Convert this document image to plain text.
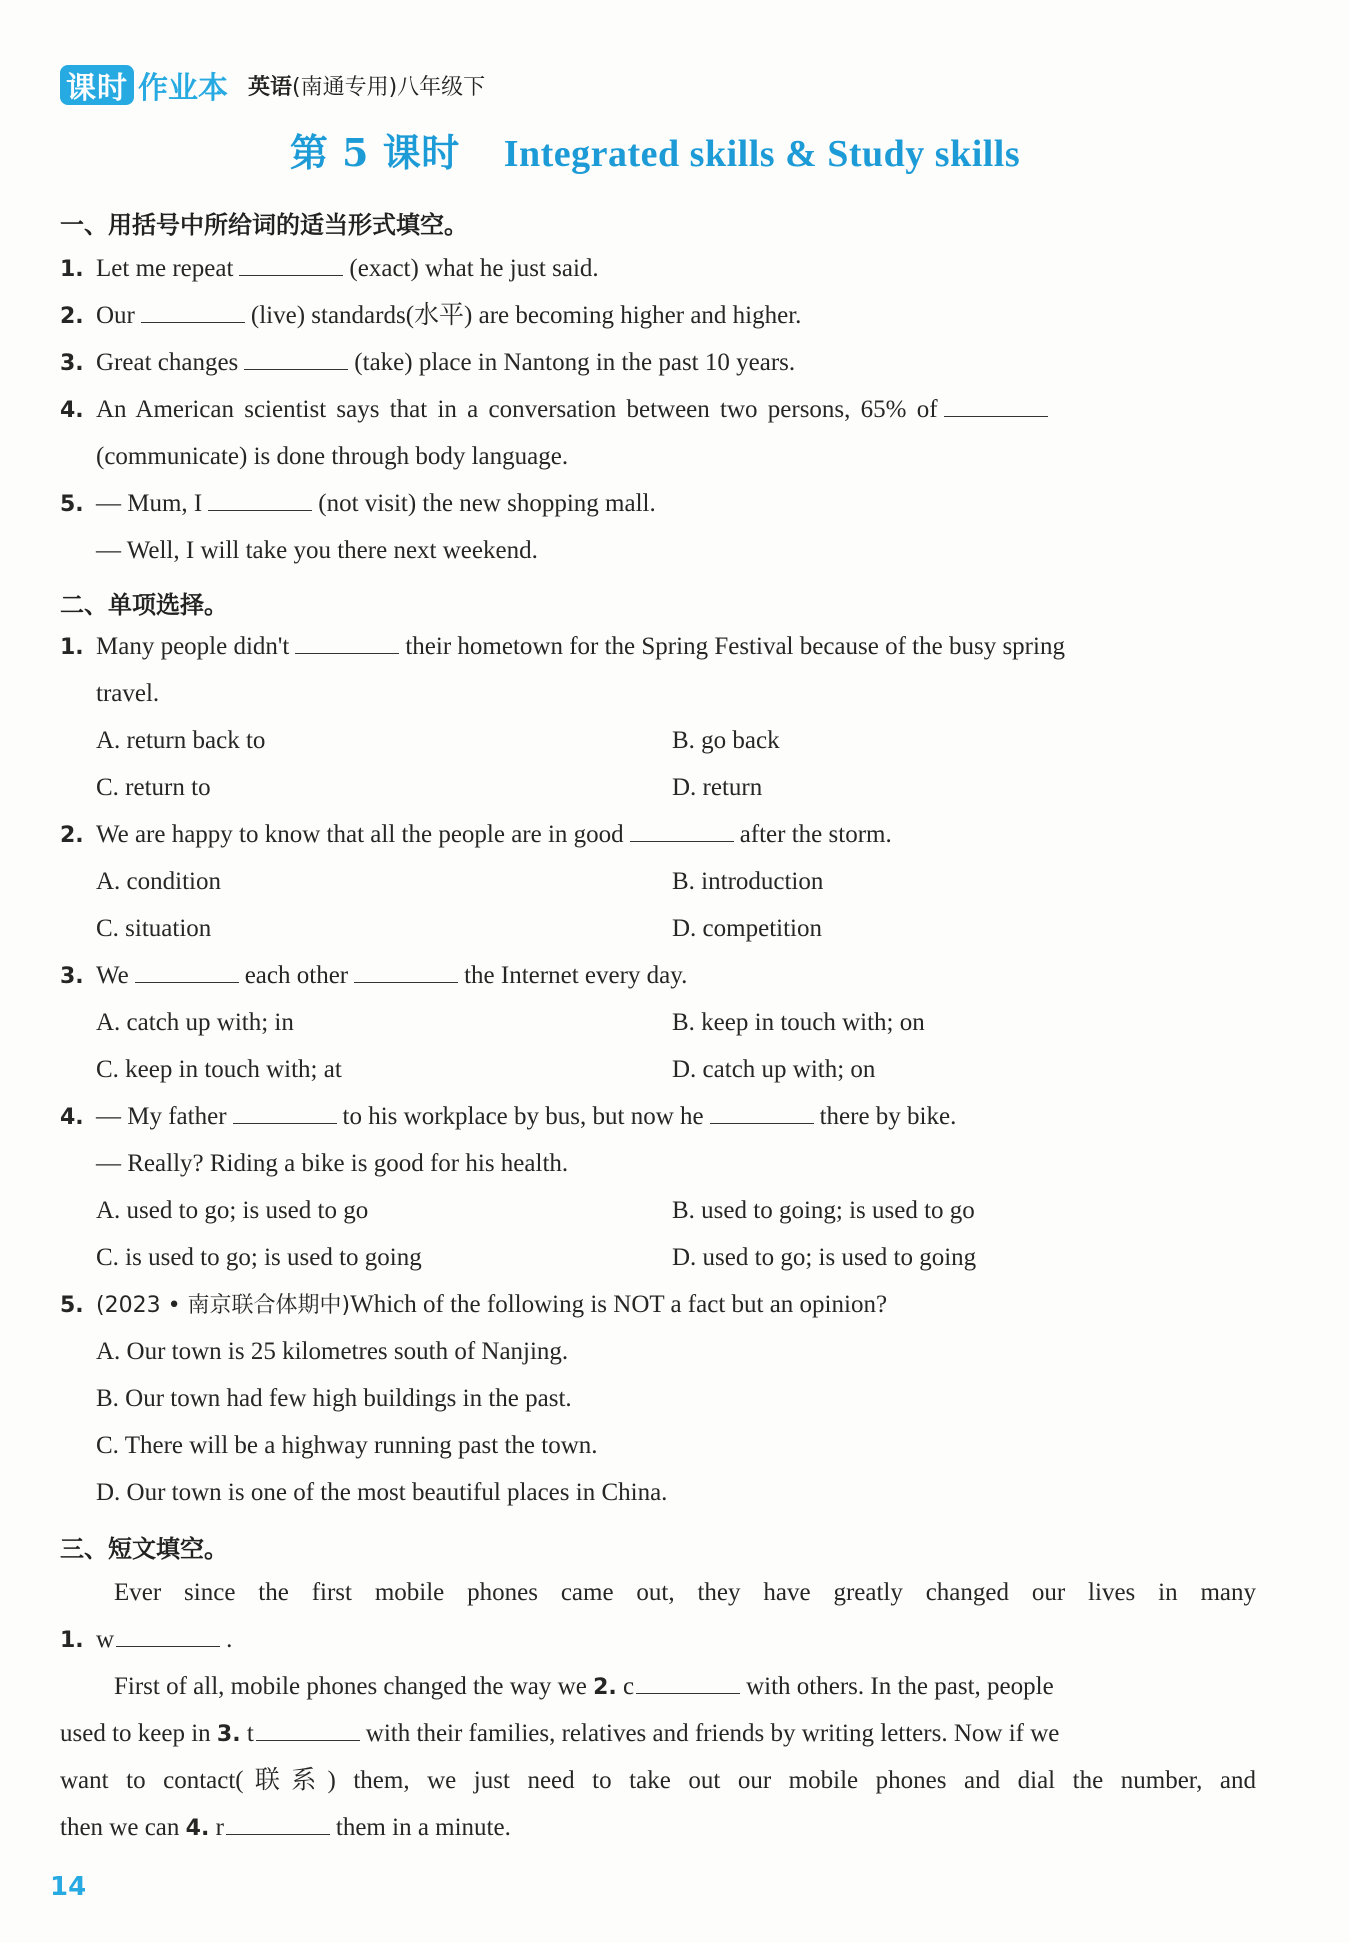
课时 作业本 英语(南通专用)八年级下
第 5 课时 Integrated skills & Study skills
一、用括号中所给词的适当形式填空。
1. Let me repeat	(exact) what he just said.
2. Our	(live) standards(水平) are becoming higher and higher.
3. Great changes	(take) place in Nantong in the past 10 years.
4. An American scientist says that in a conversation between two persons, 65% of
(communicate) is done through body language.
5. — Mum, I	(not visit) the new shopping mall.
— Well, I will take you there next weekend.
二、单项选择。
1. Many people didn't	their hometown for the Spring Festival because of the busy spring
travel.
A. return back to	B. go back
C. return to	D. return
2. We are happy to know that all the people are in good	after the storm.
A. condition	B. introduction
C. situation	D. competition
3. We	each other	the Internet every day.
A. catch up with; in	B. keep in touch with; on
C. keep in touch with; at	D. catch up with; on
4. — My father	to his workplace by bus, but now he	there by bike.
— Really? Riding a bike is good for his health.
A. used to go; is used to go	B. used to going; is used to go
C. is used to go; is used to going	D. used to go; is used to going
5. (2023 • 南京联合体期中)Which of the following is NOT a fact but an opinion?
A. Our town is 25 kilometres south of Nanjing.
B. Our town had few high buildings in the past.
C. There will be a highway running past the town.
D. Our town is one of the most beautiful places in China.
三、短文填空。
Ever since the first mobile phones came out, they have greatly changed our lives in many
1. w	.
First of all, mobile phones changed the way we 2. c	with others. In the past, people
used to keep in 3. t	with their families, relatives and friends by writing letters. Now if we
want to contact(联系) them, we just need to take out our mobile phones and dial the number, and
then we can 4. r	them in a minute.
14
